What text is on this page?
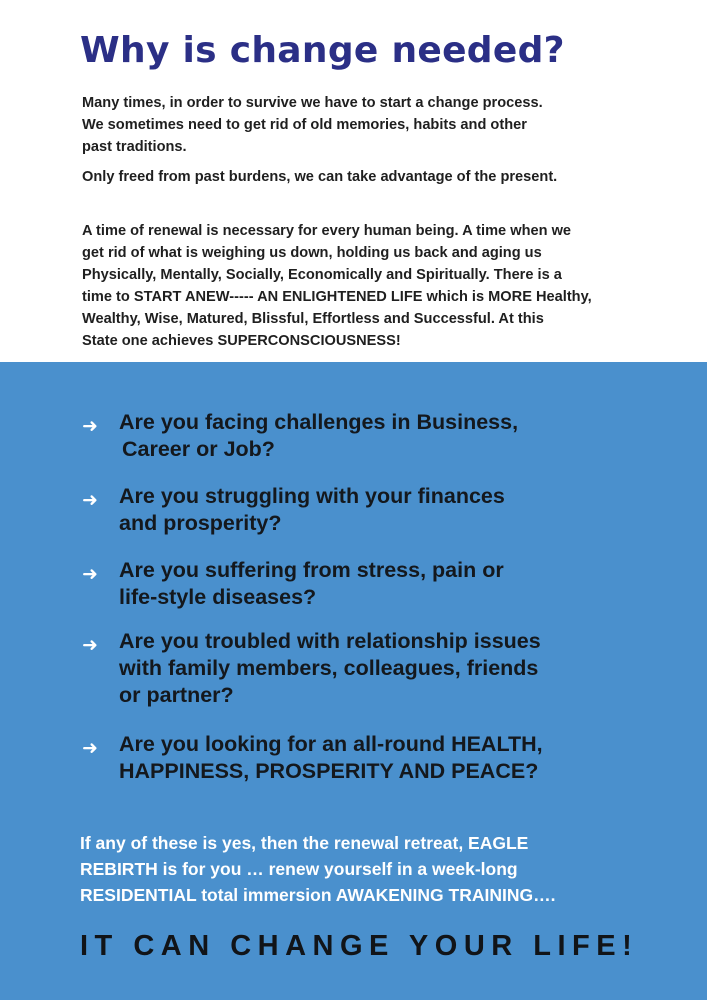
Why is change needed?

Many times, in order to survive we have to start a change process.
We sometimes need to get rid of old memories, habits and other
past traditions.

Only freed from past burdens, we can take advantage of the present.

A time of renewal is necessary for every human being. A time when we
get rid of what is weighing us down, holding us back and aging us
Physically, Mentally, Socially, Economically and Spiritually. There is a
time to START ANEW----- AN ENLIGHTENED LIFE which is MORE Healthy,
Wealthy, Wise, Matured, Blissful, Effortless and Successful. At this
State one achieves SUPERCONSCIOUSNESS!

➜ Are you facing challenges in Business,
Career or Job?
➜ Are you struggling with your finances
and prosperity?
➜ Are you suffering from stress, pain or
life-style diseases?
➜ Are you troubled with relationship issues
with family members, colleagues, friends
or partner?
➜ Are you looking for an all-round HEALTH,
HAPPINESS, PROSPERITY AND PEACE?

If any of these is yes, then the renewal retreat, EAGLE
REBIRTH is for you … renew yourself in a week-long
RESIDENTIAL total immersion AWAKENING TRAINING….

IT CAN CHANGE YOUR LIFE!
